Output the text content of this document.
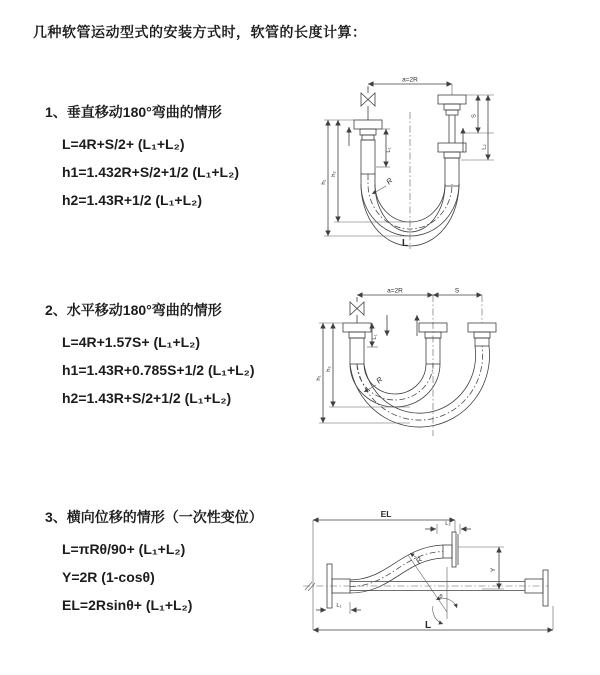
几种软管运动型式的安装方式时，软管的长度计算：
1、垂直移动180°弯曲的情形
L=4R+S/2+ (L₁+L₂)
h1=1.432R+S/2+1/2 (L₁+L₂)
h2=1.43R+1/2 (L₁+L₂)
2、水平移动180°弯曲的情形
L=4R+1.57S+ (L₁+L₂)
h1=1.43R+0.785S+1/2 (L₁+L₂)
h2=1.43R+S/2+1/2 (L₁+L₂)
3、横向位移的情形（一次性变位）
L=πRθ/90+ (L₁+L₂)
Y=2R (1-cosθ)
EL=2Rsinθ+ (L₁+L₂)
a=2R
h₁
h₂
S
L₂
L₁
R
L
a=2R	S
h₁
h₂
L₁
R
EL
L₂
θ
R
Y
L
L₁
